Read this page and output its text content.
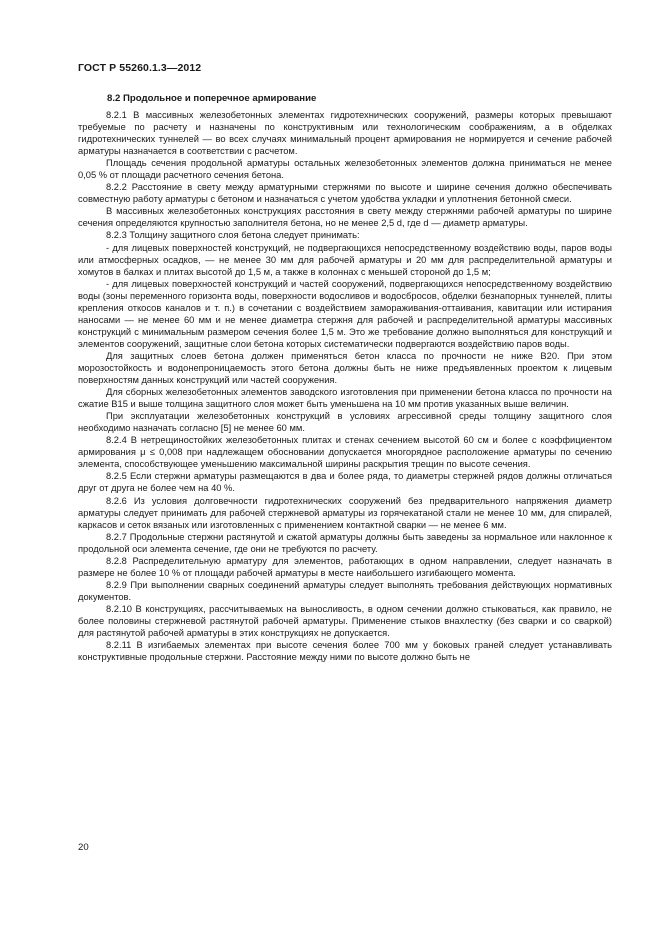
ГОСТ Р 55260.1.3—2012
8.2 Продольное и поперечное армирование

8.2.1 В массивных железобетонных элементах гидротехнических сооружений, размеры которых превышают требуемые по расчету и назначены по конструктивным или технологическим соображениям, а в обделках гидротехнических туннелей — во всех случаях минимальный процент армирования не нормируется и сечение рабочей арматуры назначается в соответствии с расчетом.

Площадь сечения продольной арматуры остальных железобетонных элементов должна приниматься не менее 0,05 % от площади расчетного сечения бетона.

8.2.2 Расстояние в свету между арматурными стержнями по высоте и ширине сечения должно обеспечивать совместную работу арматуры с бетоном и назначаться с учетом удобства укладки и уплотнения бетонной смеси.

В массивных железобетонных конструкциях расстояния в свету между стержнями рабочей арматуры по ширине сечения определяются крупностью заполнителя бетона, но не менее 2,5 d, где d — диаметр арматуры.

8.2.3 Толщину защитного слоя бетона следует принимать:

- для лицевых поверхностей конструкций, не подвергающихся непосредственному воздействию воды, паров воды или атмосферных осадков, — не менее 30 мм для рабочей арматуры и 20 мм для распределительной арматуры и хомутов в балках и плитах высотой до 1,5 м, а также в колоннах с меньшей стороной до 1,5 м;

- для лицевых поверхностей конструкций и частей сооружений, подвергающихся непосредственному воздействию воды (зоны переменного горизонта воды, поверхности водосливов и водосбросов, обделки безнапорных туннелей, плиты крепления откосов каналов и т. п.) в сочетании с воздействием замораживания-оттаивания, кавитации или истирания наносами — не менее 60 мм и не менее диаметра стержня для рабочей и распределительной арматуры массивных конструкций с минимальным размером сечения более 1,5 м. Это же требование должно выполняться для конструкций и элементов сооружений, защитные слои бетона которых систематически подвергаются воздействию паров воды.

Для защитных слоев бетона должен применяться бетон класса по прочности не ниже В20. При этом морозостойкость и водонепроницаемость этого бетона должны быть не ниже предъявленных проектом к лицевым поверхностям данных конструкций или частей сооружения.

Для сборных железобетонных элементов заводского изготовления при применении бетона класса по прочности на сжатие В15 и выше толщина защитного слоя может быть уменьшена на 10 мм против указанных выше величин.

При эксплуатации железобетонных конструкций в условиях агрессивной среды толщину защитного слоя необходимо назначать согласно [5] не менее 60 мм.

8.2.4 В нетрещиностойких железобетонных плитах и стенах сечением высотой 60 см и более с коэффициентом армирования μ ≤ 0,008 при надлежащем обосновании допускается многорядное расположение арматуры по сечению элемента, способствующее уменьшению максимальной ширины раскрытия трещин по высоте сечения.

8.2.5 Если стержни арматуры размещаются в два и более ряда, то диаметры стержней рядов должны отличаться друг от друга не более чем на 40 %.

8.2.6 Из условия долговечности гидротехнических сооружений без предварительного напряжения диаметр арматуры следует принимать для рабочей стержневой арматуры из горячекатаной стали не менее 10 мм, для спиралей, каркасов и сеток вязаных или изготовленных с применением контактной сварки — не менее 6 мм.

8.2.7 Продольные стержни растянутой и сжатой арматуры должны быть заведены за нормальное или наклонное к продольной оси элемента сечение, где они не требуются по расчету.

8.2.8 Распределительную арматуру для элементов, работающих в одном направлении, следует назначать в размере не более 10 % от площади рабочей арматуры в месте наибольшего изгибающего момента.

8.2.9 При выполнении сварных соединений арматуры следует выполнять требования действующих нормативных документов.

8.2.10 В конструкциях, рассчитываемых на выносливость, в одном сечении должно стыковаться, как правило, не более половины стержневой растянутой рабочей арматуры. Применение стыков внахлестку (без сварки и со сваркой) для растянутой рабочей арматуры в этих конструкциях не допускается.

8.2.11 В изгибаемых элементах при высоте сечения более 700 мм у боковых граней следует устанавливать конструктивные продольные стержни. Расстояние между ними по высоте должно быть не

20
